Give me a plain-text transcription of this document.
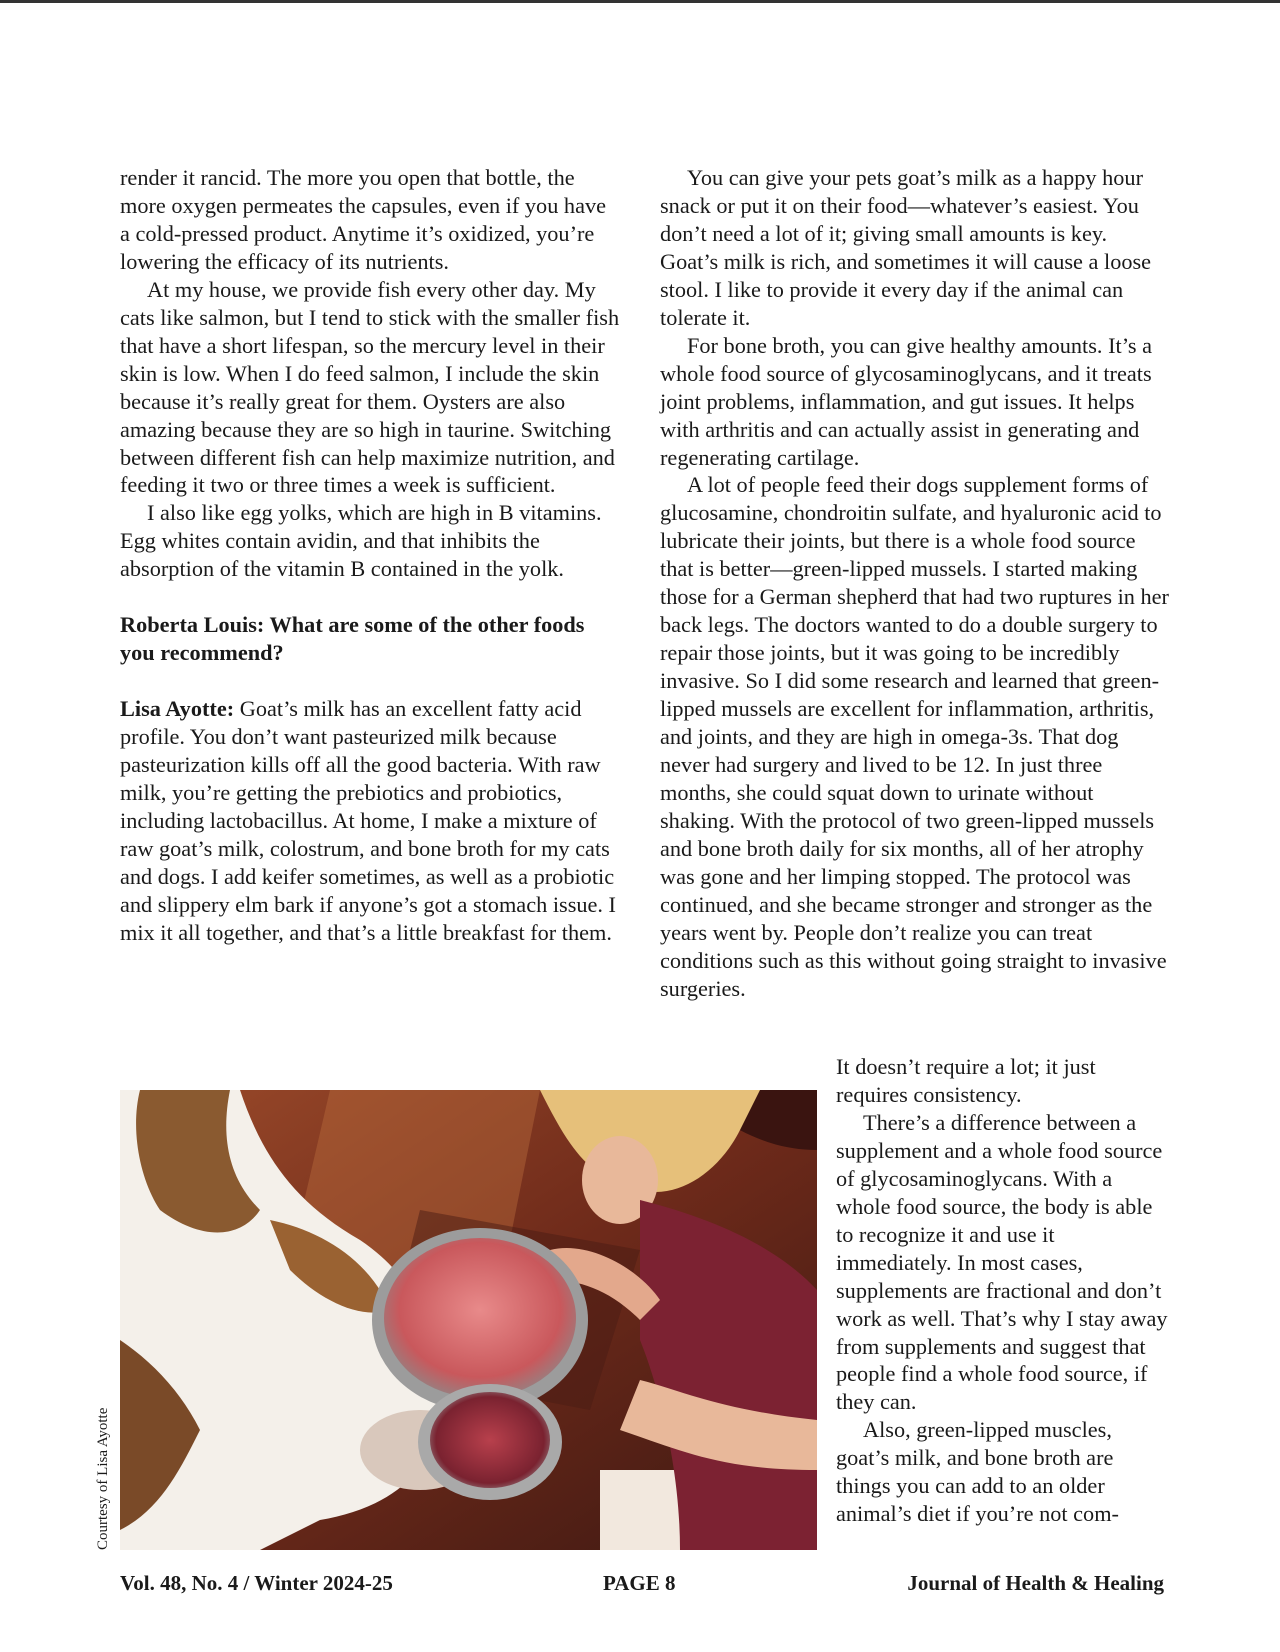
render it rancid. The more you open that bottle, the more oxygen permeates the capsules, even if you have a cold-pressed product. Anytime it’s oxidized, you’re lowering the efficacy of its nutrients.

At my house, we provide fish every other day. My cats like salmon, but I tend to stick with the smaller fish that have a short lifespan, so the mercury level in their skin is low. When I do feed salmon, I include the skin because it’s really great for them. Oysters are also amazing because they are so high in taurine. Switching between different fish can help maximize nutrition, and feeding it two or three times a week is sufficient.

I also like egg yolks, which are high in B vitamins. Egg whites contain avidin, and that inhibits the absorption of the vitamin B contained in the yolk.

Roberta Louis: What are some of the other foods you recommend?

Lisa Ayotte: Goat’s milk has an excellent fatty acid profile. You don’t want pasteurized milk because pasteurization kills off all the good bacteria. With raw milk, you’re getting the prebiotics and probiotics, including lactobacillus. At home, I make a mixture of raw goat’s milk, colostrum, and bone broth for my cats and dogs. I add keifer sometimes, as well as a probiotic and slippery elm bark if anyone’s got a stomach issue. I mix it all together, and that’s a little breakfast for them.

You can give your pets goat’s milk as a happy hour snack or put it on their food—whatever’s easiest. You don’t need a lot of it; giving small amounts is key. Goat’s milk is rich, and sometimes it will cause a loose stool. I like to provide it every day if the animal can tolerate it.

For bone broth, you can give healthy amounts. It’s a whole food source of glycosaminoglycans, and it treats joint problems, inflammation, and gut issues. It helps with arthritis and can actually assist in generating and regenerating cartilage.

A lot of people feed their dogs supplement forms of glucosamine, chondroitin sulfate, and hyaluronic acid to lubricate their joints, but there is a whole food source that is better—green-lipped mussels. I started making those for a German shepherd that had two ruptures in her back legs. The doctors wanted to do a double surgery to repair those joints, but it was going to be incredibly invasive. So I did some research and learned that green-lipped mussels are excellent for inflammation, arthritis, and joints, and they are high in omega-3s. That dog never had surgery and lived to be 12. In just three months, she could squat down to urinate without shaking. With the protocol of two green-lipped mussels and bone broth daily for six months, all of her atrophy was gone and her limping stopped. The protocol was continued, and she became stronger and stronger as the years went by. People don’t realize you can treat conditions such as this without going straight to invasive surgeries.

It doesn’t require a lot; it just requires consistency.

There’s a difference between a supplement and a whole food source of glycosaminoglycans. With a whole food source, the body is able to recognize it and use it immediately. In most cases, supplements are fractional and don’t work as well. That’s why I stay away from supplements and suggest that people find a whole food source, if they can.

Also, green-lipped muscles, goat’s milk, and bone broth are things you can add to an older animal’s diet if you’re not com-

Courtesy of Lisa Ayotte
Vol. 48, No. 4 / Winter 2024-25	PAGE 8	Journal of Health & Healing
